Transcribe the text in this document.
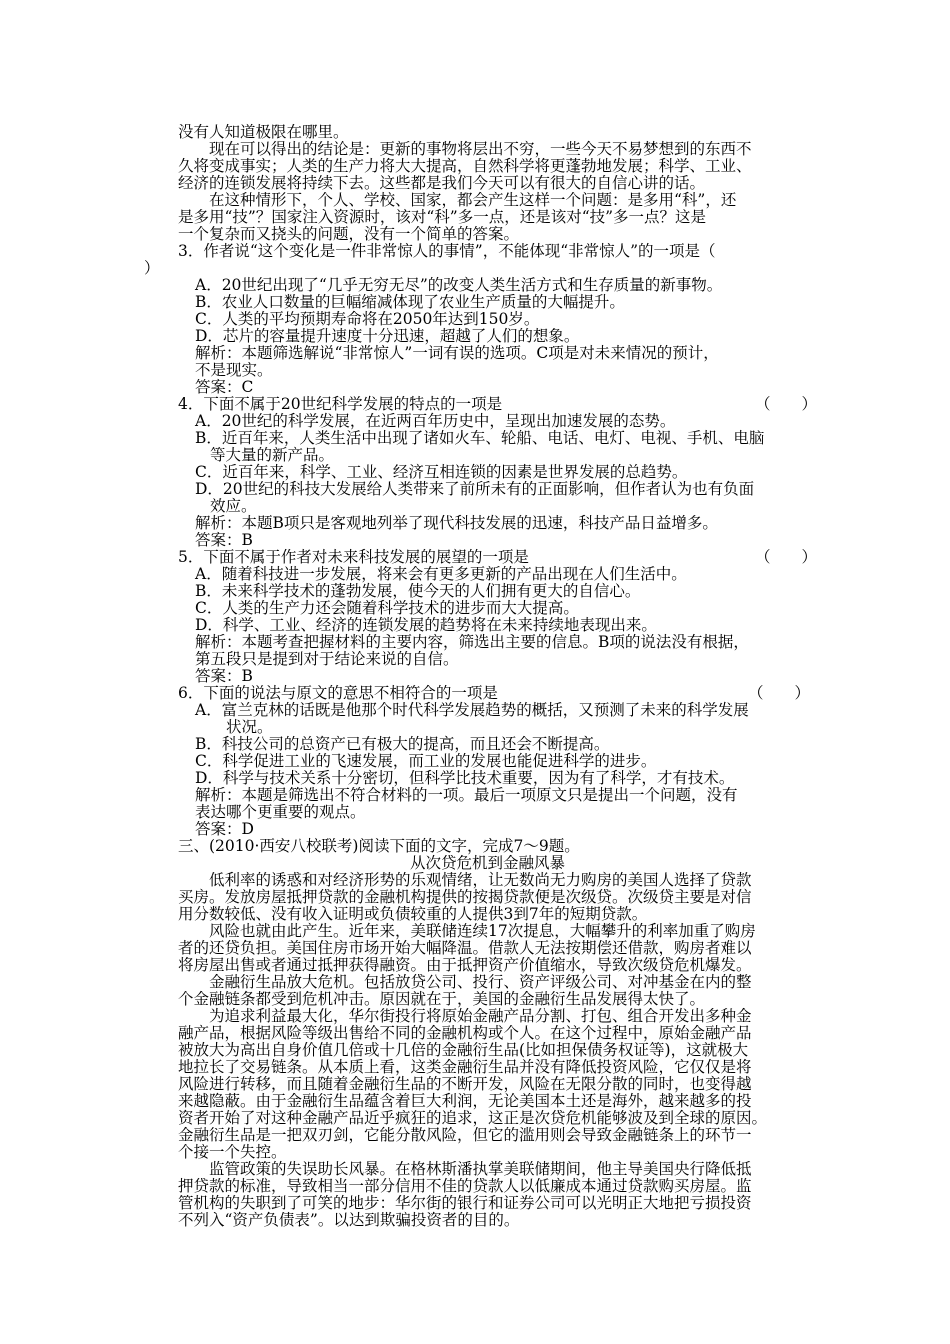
没有人知道极限在哪里。
现在可以得出的结论是：更新的事物将层出不穷，一些今天不易梦想到的东西不
久将变成事实；人类的生产力将大大提高，自然科学将更蓬勃地发展；科学、工业、
经济的连锁发展将持续下去。这些都是我们今天可以有很大的自信心讲的话。
在这种情形下，个人、学校、国家，都会产生这样一个问题：是多用“科”，还
是多用“技”？国家注入资源时，该对“科”多一点，还是该对“技”多一点？这是
一个复杂而又挠头的问题，没有一个简单的答案。
3．作者说“这个变化是一件非常惊人的事情”，不能体现“非常惊人”的一项是（
）
A．20世纪出现了“几乎无穷无尽”的改变人类生活方式和生存质量的新事物。
B．农业人口数量的巨幅缩减体现了农业生产质量的大幅提升。
C．人类的平均预期寿命将在2050年达到150岁。
D．芯片的容量提升速度十分迅速，超越了人们的想象。
解析：本题筛选解说“非常惊人”一词有误的选项。C项是对未来情况的预计，
不是现实。
答案：C
4．下面不属于20世纪科学发展的特点的一项是	（　　）
A．20世纪的科学发展，在近两百年历史中，呈现出加速发展的态势。
B．近百年来，人类生活中出现了诸如火车、轮船、电话、电灯、电视、手机、电脑
等大量的新产品。
C．近百年来，科学、工业、经济互相连锁的因素是世界发展的总趋势。
D．20世纪的科技大发展给人类带来了前所未有的正面影响，但作者认为也有负面
效应。
解析：本题B项只是客观地列举了现代科技发展的迅速，科技产品日益增多。
答案：B
5．下面不属于作者对未来科技发展的展望的一项是	（　　）
A．随着科技进一步发展，将来会有更多更新的产品出现在人们生活中。
B．未来科学技术的蓬勃发展，使今天的人们拥有更大的自信心。
C．人类的生产力还会随着科学技术的进步而大大提高。
D．科学、工业、经济的连锁发展的趋势将在未来持续地表现出来。
解析：本题考查把握材料的主要内容，筛选出主要的信息。B项的说法没有根据，
第五段只是提到对于结论来说的自信。
答案：B
6．下面的说法与原文的意思不相符合的一项是	（　　）
A．富兰克林的话既是他那个时代科学发展趋势的概括，又预测了未来的科学发展
状况。
B．科技公司的总资产已有极大的提高，而且还会不断提高。
C．科学促进工业的飞速发展，而工业的发展也能促进科学的进步。
D．科学与技术关系十分密切，但科学比技术重要，因为有了科学，才有技术。
解析：本题是筛选出不符合材料的一项。最后一项原文只是提出一个问题，没有
表达哪个更重要的观点。
答案：D
三、(2010·西安八校联考)阅读下面的文字，完成7～9题。
从次贷危机到金融风暴
低利率的诱惑和对经济形势的乐观情绪，让无数尚无力购房的美国人选择了贷款
买房。发放房屋抵押贷款的金融机构提供的按揭贷款便是次级贷。次级贷主要是对信
用分数较低、没有收入证明或负债较重的人提供3到7年的短期贷款。
风险也就由此产生。近年来，美联储连续17次提息，大幅攀升的利率加重了购房
者的还贷负担。美国住房市场开始大幅降温。借款人无法按期偿还借款，购房者难以
将房屋出售或者通过抵押获得融资。由于抵押资产价值缩水，导致次级贷危机爆发。
金融衍生品放大危机。包括放贷公司、投行、资产评级公司、对冲基金在内的整
个金融链条都受到危机冲击。原因就在于，美国的金融衍生品发展得太快了。
为追求利益最大化，华尔街投行将原始金融产品分割、打包、组合开发出多种金
融产品，根据风险等级出售给不同的金融机构或个人。在这个过程中，原始金融产品
被放大为高出自身价值几倍或十几倍的金融衍生品(比如担保债务权证等)，这就极大
地拉长了交易链条。从本质上看，这类金融衍生品并没有降低投资风险，它仅仅是将
风险进行转移，而且随着金融衍生品的不断开发，风险在无限分散的同时，也变得越
来越隐蔽。由于金融衍生品蕴含着巨大利润，无论美国本土还是海外，越来越多的投
资者开始了对这种金融产品近乎疯狂的追求，这正是次贷危机能够波及到全球的原因。
金融衍生品是一把双刃剑，它能分散风险，但它的滥用则会导致金融链条上的环节一
个接一个失控。
监管政策的失误助长风暴。在格林斯潘执掌美联储期间，他主导美国央行降低抵
押贷款的标准，导致相当一部分信用不佳的贷款人以低廉成本通过贷款购买房屋。监
管机构的失职到了可笑的地步：华尔街的银行和证券公司可以光明正大地把亏损投资
不列入“资产负债表”。以达到欺骗投资者的目的。
